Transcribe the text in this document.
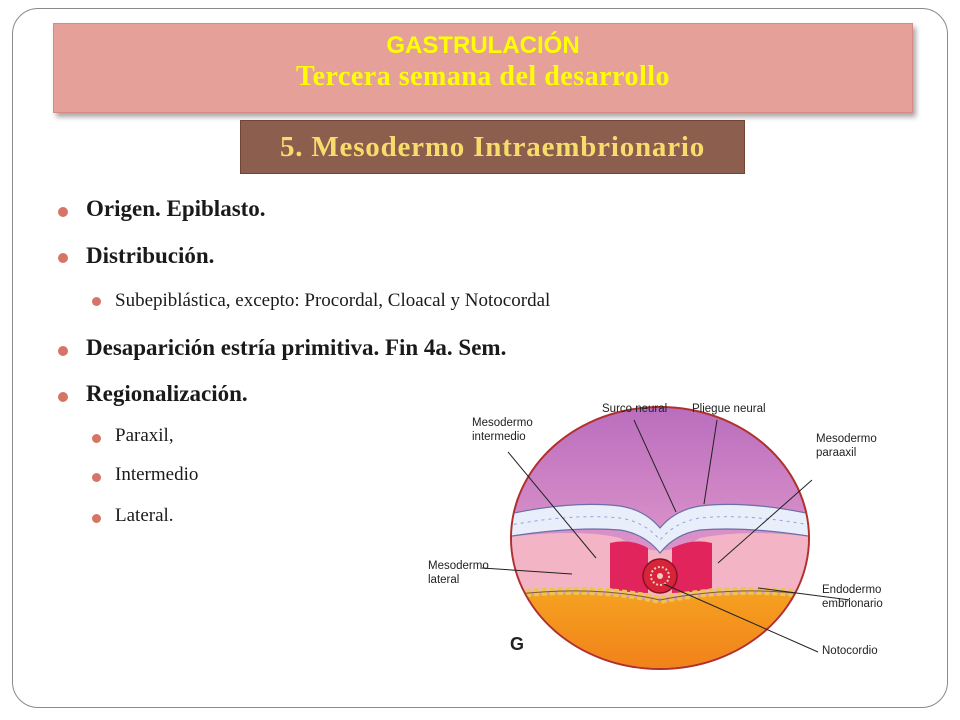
GASTRULACIÓN
Tercera semana del desarrollo
5. Mesodermo Intraembrionario
Origen. Epiblasto.
Distribución.
Subepiblástica, excepto: Procordal, Cloacal y Notocordal
Desaparición estría primitiva. Fin 4a. Sem.
Regionalización.
Paraxil,
Intermedio
Lateral.
Mesodermo
intermedio
Surco neural Pliegue neural
Mesodermo
paraaxil
Mesodermo
lateral
Endodermo
embrionario
Notocordio
G
